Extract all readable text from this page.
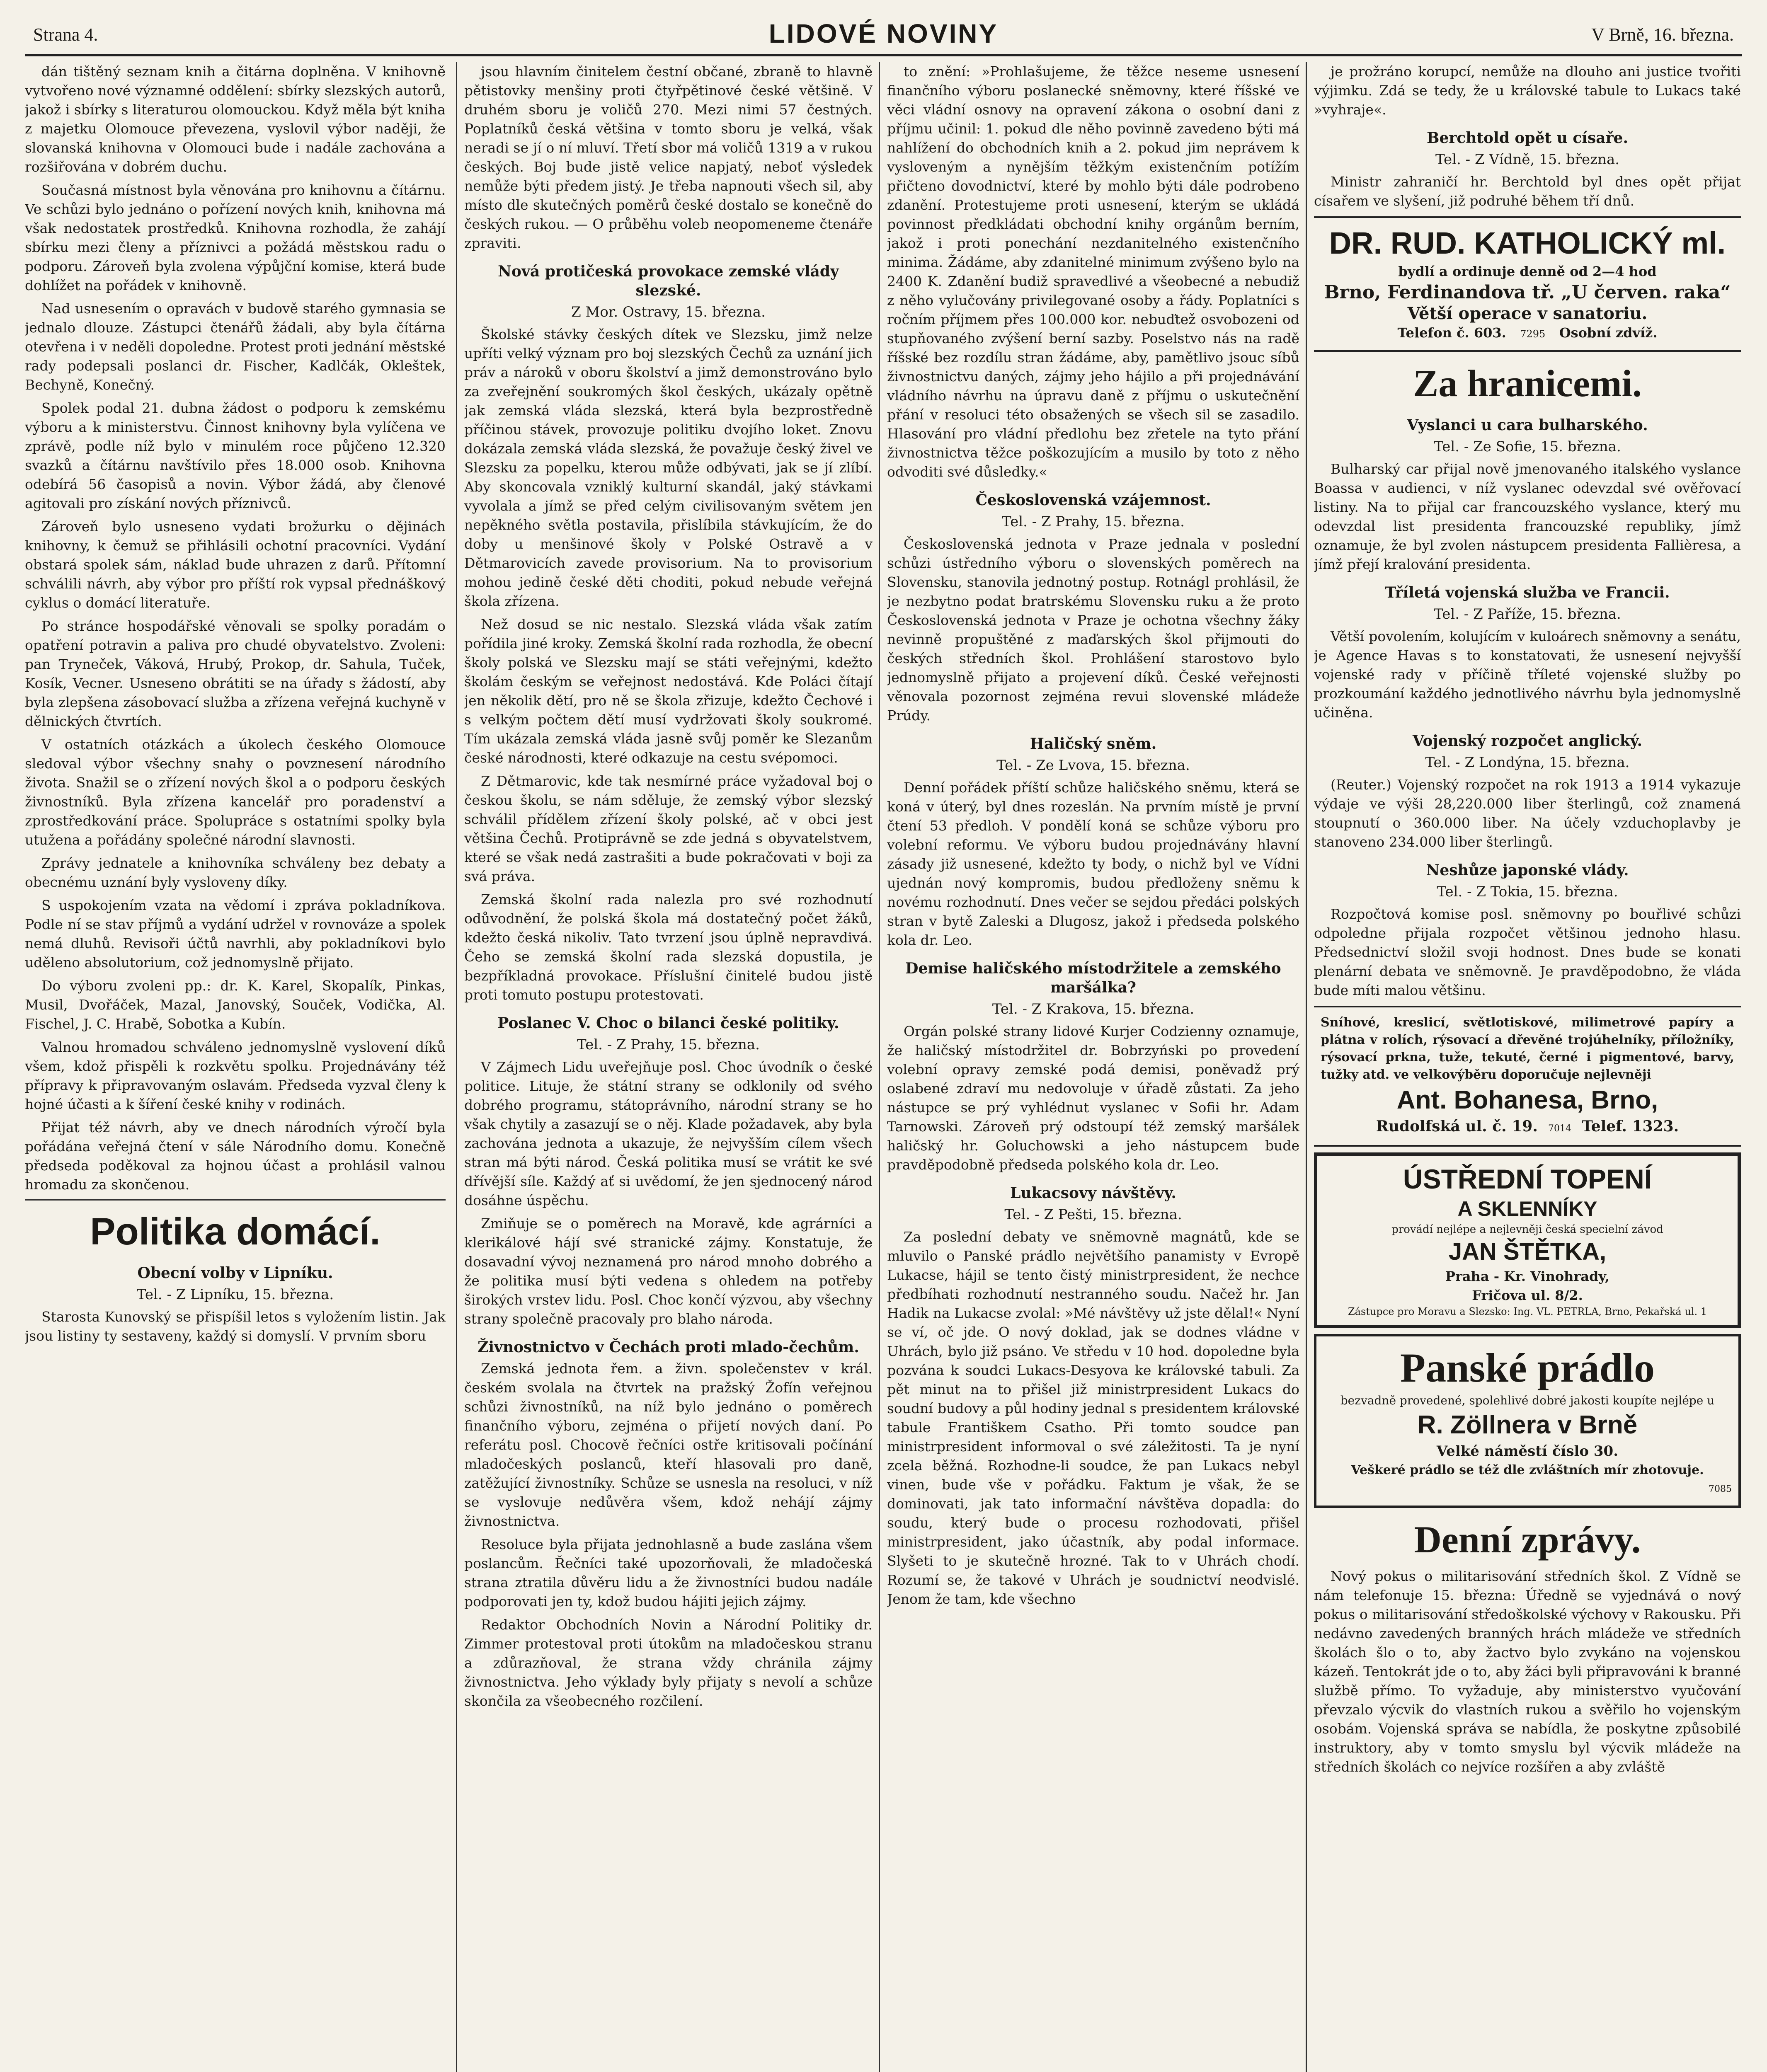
Strana 4.	LIDOVÉ NOVINY	V Brně, 16. března.

dán tištěný seznam knih a čitárna doplněna. V knihovně vytvořeno nové významné oddělení: sbírky slezských autorů, jakož i sbírky s literaturou olomouckou. Když měla být kniha z majetku Olomouce převezena, vyslovil výbor naději, že slovanská knihovna v Olomouci bude i nadále zachována a rozšiřována v dobrém duchu.

Současná místnost byla věnována pro knihovnu a čítárnu. Ve schůzi bylo jednáno o pořízení nových knih, knihovna má však nedostatek prostředků. Knihovna rozhodla, že zahájí sbírku mezi členy a příznivci a požádá městskou radu o podporu. Zároveň byla zvolena výpůjční komise, která bude dohlížet na pořádek v knihovně.

Nad usnesením o opravách v budově starého gymnasia se jednalo dlouze. Zástupci čtenářů žádali, aby byla čítárna otevřena i v neděli dopoledne. Protest proti jednání městské rady podepsali poslanci dr. Fischer, Kadlčák, Okleštek, Bechyně, Konečný.

Spolek podal 21. dubna žádost o podporu k zemskému výboru a k ministerstvu. Činnost knihovny byla vylíčena ve zprávě, podle níž bylo v minulém roce půjčeno 12.320 svazků a čítárnu navštívilo přes 18.000 osob. Knihovna odebírá 56 časopisů a novin. Výbor žádá, aby členové agitovali pro získání nových příznivců.

Zároveň bylo usneseno vydati brožurku o dějinách knihovny, k čemuž se přihlásili ochotní pracovníci. Vydání obstará spolek sám, náklad bude uhrazen z darů. Přítomní schválili návrh, aby výbor pro příští rok vypsal přednáškový cyklus o domácí literatuře.

Po stránce hospodářské věnovali se spolky poradám o opatření potravin a paliva pro chudé obyvatelstvo. Zvoleni: pan Tryneček, Váková, Hrubý, Prokop, dr. Sahula, Tuček, Kosík, Vecner. Usneseno obrátiti se na úřady s žádostí, aby byla zlepšena zásobovací služba a zřízena veřejná kuchyně v dělnických čtvrtích.

V ostatních otázkách a úkolech českého Olomouce sledoval výbor všechny snahy o povznesení národního života. Snažil se o zřízení nových škol a o podporu českých živnostníků. Byla zřízena kancelář pro poradenství a zprostředkování práce. Spolupráce s ostatními spolky byla utužena a pořádány společné národní slavnosti.

Zprávy jednatele a knihovníka schváleny bez debaty a obecnému uznání byly vysloveny díky.

S uspokojením vzata na vědomí i zpráva pokladníkova. Podle ní se stav příjmů a vydání udržel v rovnováze a spolek nemá dluhů. Revisoři účtů navrhli, aby pokladníkovi bylo uděleno absolutorium, což jednomyslně přijato.

Do výboru zvoleni pp.: dr. K. Karel, Skopalík, Pinkas, Musil, Dvořáček, Mazal, Janovský, Souček, Vodička, Al. Fischel, J. C. Hrabě, Sobotka a Kubín.

Valnou hromadou schváleno jednomyslně vyslovení díků všem, kdož přispěli k rozkvětu spolku. Projednávány též přípravy k připravovaným oslavám. Předseda vyzval členy k hojné účasti a k šíření české knihy v rodinách.

Přijat též návrh, aby ve dnech národních výročí byla pořádána veřejná čtení v sále Národního domu. Konečně předseda poděkoval za hojnou účast a prohlásil valnou hromadu za skončenou.

Politika domácí.
Obecní volby v Lipníku.
Tel. - Z Lipníku, 15. března.

Starosta Kunovský se přispíšil letos s vyložením listin. Jak jsou listiny ty sestaveny, každý si domyslí. V prvním sboru

jsou hlavním činitelem čestní občané, zbraně to hlavně pětistovky menšiny proti čtyřpětinové české většině. V druhém sboru je voličů 270. Mezi nimi 57 čestných. Poplatníků česká většina v tomto sboru je velká, však neradi se jí o ní mluví. Třetí sbor má voličů 1319 a v rukou českých. Boj bude jistě velice napjatý, neboť výsledek nemůže býti předem jistý. Je třeba napnouti všech sil, aby místo dle skutečných poměrů české dostalo se konečně do českých rukou. — O průběhu voleb neopomeneme čtenáře zpraviti.

Nová protičeská provokace zemské vlády slezské.
Z Mor. Ostravy, 15. března.

Školské stávky českých dítek ve Slezsku, jimž nelze upříti velký význam pro boj slezských Čechů za uznání jich práv a nároků v oboru školství a jimž demonstrováno bylo za zveřejnění soukromých škol českých, ukázaly opětně jak zemská vláda slezská, která byla bezprostředně příčinou stávek, provozuje politiku dvojího loket. Znovu dokázala zemská vláda slezská, že považuje český živel ve Slezsku za popelku, kterou může odbývati, jak se jí zlíbí. Aby skoncovala vzniklý kulturní skandál, jaký stávkami vyvolala a jímž se před celým civilisovaným světem jen nepěkného světla postavila, přislíbila stávkujícím, že do doby u menšinové školy v Polské Ostravě a v Dětmarovicích zavede provisorium. Na to provisorium mohou jedině české děti choditi, pokud nebude veřejná škola zřízena.

Než dosud se nic nestalo. Slezská vláda však zatím pořídila jiné kroky. Zemská školní rada rozhodla, že obecní školy polská ve Slezsku mají se státi veřejnými, kdežto školám českým se veřejnost nedostává. Kde Poláci čítají jen několik dětí, pro ně se škola zřizuje, kdežto Čechové i s velkým počtem dětí musí vydržovati školy soukromé. Tím ukázala zemská vláda jasně svůj poměr ke Slezanům české národnosti, které odkazuje na cestu svépomoci.

Z Dětmarovic, kde tak nesmírné práce vyžadoval boj o českou školu, se nám sděluje, že zemský výbor slezský schválil přídělem zřízení školy polské, ač v obci jest většina Čechů. Protiprávně se zde jedná s obyvatelstvem, které se však nedá zastrašiti a bude pokračovati v boji za svá práva.

Zemská školní rada nalezla pro své rozhodnutí odůvodnění, že polská škola má dostatečný počet žáků, kdežto česká nikoliv. Tato tvrzení jsou úplně nepravdivá. Čeho se zemská školní rada slezská dopustila, je bezpříkladná provokace. Příslušní činitelé budou jistě proti tomuto postupu protestovati.

Poslanec V. Choc o bilanci české politiky.
Tel. - Z Prahy, 15. března.

V Zájmech Lidu uveřejňuje posl. Choc úvodník o české politice. Lituje, že státní strany se odklonily od svého dobrého programu, státoprávního, národní strany se ho však chytily a zasazují se o něj. Klade požadavek, aby byla zachována jednota a ukazuje, že nejvyšším cílem všech stran má býti národ. Česká politika musí se vrátit ke své dřívější síle. Každý ať si uvědomí, že jen sjednocený národ dosáhne úspěchu.

Zmiňuje se o poměrech na Moravě, kde agrárníci a klerikálové hájí své stranické zájmy. Konstatuje, že dosavadní vývoj neznamená pro národ mnoho dobrého a že politika musí býti vedena s ohledem na potřeby širokých vrstev lidu. Posl. Choc končí výzvou, aby všechny strany společně pracovaly pro blaho národa.

Živnostnictvo v Čechách proti mlado-čechům.

Zemská jednota řem. a živn. společenstev v král. českém svolala na čtvrtek na pražský Žofín veřejnou schůzi živnostníků, na níž bylo jednáno o poměrech finančního výboru, zejména o přijetí nových daní. Po referátu posl. Chocově řečníci ostře kritisovali počínání mladočeských poslanců, kteří hlasovali pro daně, zatěžující živnostníky. Schůze se usnesla na resoluci, v níž se vyslovuje nedůvěra všem, kdož nehájí zájmy živnostnictva.

Resoluce byla přijata jednohlasně a bude zaslána všem poslancům. Řečníci také upozorňovali, že mladočeská strana ztratila důvěru lidu a že živnostníci budou nadále podporovati jen ty, kdož budou hájiti jejich zájmy.

Redaktor Obchodních Novin a Národní Politiky dr. Zimmer protestoval proti útokům na mladočeskou stranu a zdůrazňoval, že strana vždy chránila zájmy živnostnictva. Jeho výklady byly přijaty s nevolí a schůze skončila za všeobecného rozčilení.

to znění: »Prohlašujeme, že těžce neseme usnesení finančního výboru poslanecké sněmovny, které říšské ve věci vládní osnovy na opravení zákona o osobní dani z příjmu učinil: 1. pokud dle něho povinně zavedeno býti má nahlížení do obchodních knih a 2. pokud jim neprávem k vysloveným a nynějším těžkým existenčním potížím přičteno dovodnictví, které by mohlo býti dále podrobeno zdanění. Protestujeme proti usnesení, kterým se ukládá povinnost předkládati obchodní knihy orgánům berním, jakož i proti ponechání nezdanitelného existenčního minima. Žádáme, aby zdanitelné minimum zvýšeno bylo na 2400 K. Zdanění budiž spravedlivé a všeobecné a nebudiž z něho vylučovány privilegované osoby a řády. Poplatníci s ročním příjmem přes 100.000 kor. nebuďtež osvobozeni od stupňovaného zvýšení berní sazby. Poselstvo nás na radě říšské bez rozdílu stran žádáme, aby, pamětlivo jsouc síbů živnostnictvu daných, zájmy jeho hájilo a při projednávání vládního návrhu na úpravu daně z příjmu o uskutečnění přání v resoluci této obsažených se všech sil se zasadilo. Hlasování pro vládní předlohu bez zřetele na tyto přání živnostnictva těžce poškozujícím a musilo by toto z něho odvoditi své důsledky.«

Československá vzájemnost.
Tel. - Z Prahy, 15. března.

Československá jednota v Praze jednala v poslední schůzi ústředního výboru o slovenských poměrech na Slovensku, stanovila jednotný postup. Rotnágl prohlásil, že je nezbytno podat bratrskému Slovensku ruku a že proto Československá jednota v Praze je ochotna všechny žáky nevinně propuštěné z maďarských škol přijmouti do českých středních škol. Prohlášení starostovo bylo jednomyslně přijato a projevení díků. České veřejnosti věnovala pozornost zejména revui slovenské mládeže Prúdy.

Haličský sněm.
Tel. - Ze Lvova, 15. března.

Denní pořádek příští schůze haličského sněmu, která se koná v úterý, byl dnes rozeslán. Na prvním místě je první čtení 53 předloh. V pondělí koná se schůze výboru pro volební reformu. Ve výboru budou projednávány hlavní zásady již usnesené, kdežto ty body, o nichž byl ve Vídni ujednán nový kompromis, budou předloženy sněmu k novému rozhodnutí. Dnes večer se sejdou předáci polských stran v bytě Zaleski a Dlugosz, jakož i předseda polského kola dr. Leo.

Demise haličského místodržitele a zemského maršálka?
Tel. - Z Krakova, 15. března.

Orgán polské strany lidové Kurjer Codzienny oznamuje, že haličský místodržitel dr. Bobrzyński po provedení volební opravy zemské podá demisi, poněvadž prý oslabené zdraví mu nedovoluje v úřadě zůstati. Za jeho nástupce se prý vyhlédnut vyslanec v Sofii hr. Adam Tarnowski. Zároveň prý odstoupí též zemský maršálek haličský hr. Goluchowski a jeho nástupcem bude pravděpodobně předseda polského kola dr. Leo.

Lukacsovy návštěvy.
Tel. - Z Pešti, 15. března.

Za poslední debaty ve sněmovně magnátů, kde se mluvilo o Panské prádlo největšího panamisty v Evropě Lukacse, hájil se tento čistý ministrpresident, že nechce předbíhati rozhodnutí nestranného soudu. Načež hr. Jan Hadik na Lukacse zvolal: »Mé návštěvy už jste dělal!« Nyní se ví, oč jde. O nový doklad, jak se dodnes vládne v Uhrách, bylo již psáno. Ve středu v 10 hod. dopoledne byla pozvána k soudci Lukacs-Desyova ke královské tabuli. Za pět minut na to přišel již ministrpresident Lukacs do soudní budovy a půl hodiny jednal s presidentem královské tabule Františkem Csatho. Při tomto soudce pan ministrpresident informoval o své záležitosti. Ta je nyní zcela běžná. Rozhodne-li soudce, že pan Lukacs nebyl vinen, bude vše v pořádku. Faktum je však, že se dominovati, jak tato informační návštěva dopadla: do soudu, který bude o procesu rozhodovati, přišel ministrpresident, jako účastník, aby podal informace. Slyšeti to je skutečně hrozné. Tak to v Uhrách chodí. Rozumí se, že takové v Uhrách je soudnictví neodvislé. Jenom že tam, kde všechno

je prožráno korupcí, nemůže na dlouho ani justice tvořiti výjimku. Zdá se tedy, že u královské tabule to Lukacs také »vyhraje«.

Berchtold opět u císaře.
Tel. - Z Vídně, 15. března.

Ministr zahraničí hr. Berchtold byl dnes opět přijat císařem ve slyšení, již podruhé během tří dnů.

DR. RUD. KATHOLICKÝ ml.
bydlí a ordinuje denně od 2—4 hod
Brno, Ferdinandova tř. „U červen. raka“
Větší operace v sanatoriu.
Telefon č. 603. 7295 Osobní zdvíž.
Za hranicemi.
Vyslanci u cara bulharského.
Tel. - Ze Sofie, 15. března.

Bulharský car přijal nově jmenovaného italského vyslance Boassa v audienci, v níž vyslanec odevzdal své ověřovací listiny. Na to přijal car francouzského vyslance, který mu odevzdal list presidenta francouzské republiky, jímž oznamuje, že byl zvolen nástupcem presidenta Fallièresa, a jímž přejí kralování presidenta.

Tříletá vojenská služba ve Francii.
Tel. - Z Paříže, 15. března.

Větší povolením, kolujícím v kuloárech sněmovny a senátu, je Agence Havas s to konstatovati, že usnesení nejvyšší vojenské rady v příčině tříleté vojenské služby po prozkoumání každého jednotlivého návrhu byla jednomyslně učiněna.

Vojenský rozpočet anglický.
Tel. - Z Londýna, 15. března.

(Reuter.) Vojenský rozpočet na rok 1913 a 1914 vykazuje výdaje ve výši 28,220.000 liber šterlingů, což znamená stoupnutí o 360.000 liber. Na účely vzduchoplavby je stanoveno 234.000 liber šterlingů.

Neshůze japonské vlády.
Tel. - Z Tokia, 15. března.

Rozpočtová komise posl. sněmovny po bouřlivé schůzi odpoledne přijala rozpočet většinou jednoho hlasu. Předsednictví složil svoji hodnost. Dnes bude se konati plenární debata ve sněmovně. Je pravděpodobno, že vláda bude míti malou většinu.

Sníhové, kreslicí, světlotiskové, milimetrové papíry a plátna v rolích, rýsovací a dřevěné trojúhelníky, příložníky, rýsovací prkna, tuže, tekuté, černé i pigmentové, barvy, tužky atd. ve velkovýběru doporučuje nejlevněji
Ant. Bohanesa, Brno,
Rudolfská ul. č. 19. 7014 Telef. 1323.
ÚSTŘEDNÍ TOPENÍ
A SKLENNÍKY
provádí nejlépe a nejlevněji česká specielní závod
JAN ŠTĚTKA,
Praha - Kr. Vinohrady,
Fričova ul. 8/2.
Zástupce pro Moravu a Slezsko: Ing. VL. PETRLA, Brno, Pekařská ul. 1
Panské prádlo
bezvadně provedené, spolehlivé dobré jakosti koupíte nejlépe u
R. Zöllnera v Brně
Velké náměstí číslo 30.
Veškeré prádlo se též dle zvláštních mír zhotovuje.
7085
Denní zprávy.

Nový pokus o militarisování středních škol. Z Vídně se nám telefonuje 15. března: Úředně se vyjednává o nový pokus o militarisování středoškolské výchovy v Rakousku. Při nedávno zavedených branných hrách mládeže ve středních školách šlo o to, aby žactvo bylo zvykáno na vojenskou kázeň. Tentokrát jde o to, aby žáci byli připravováni k branné službě přímo. To vyžaduje, aby ministerstvo vyučování převzalo výcvik do vlastních rukou a svěřilo ho vojenským osobám. Vojenská správa se nabídla, že poskytne způsobilé instruktory, aby v tomto smyslu byl výcvik mládeže na středních školách co nejvíce rozšířen a aby zvláště
